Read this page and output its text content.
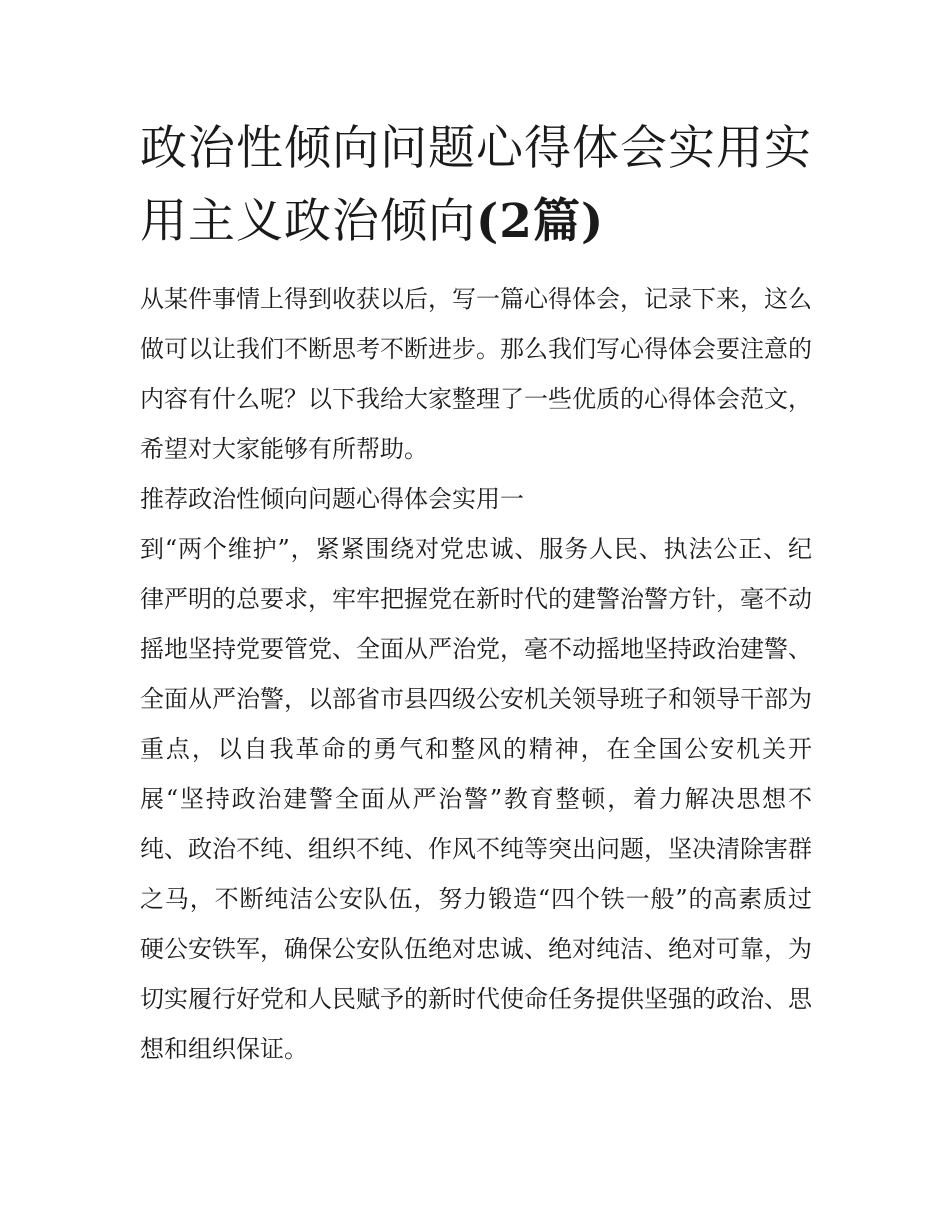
政治性倾向问题心得体会实用实用主义政治倾向(2篇)

从某件事情上得到收获以后，写一篇心得体会，记录下来，这么做可以让我们不断思考不断进步。那么我们写心得体会要注意的内容有什么呢？以下我给大家整理了一些优质的心得体会范文，希望对大家能够有所帮助。

推荐政治性倾向问题心得体会实用一

到“两个维护”，紧紧围绕对党忠诚、服务人民、执法公正、纪律严明的总要求，牢牢把握党在新时代的建警治警方针，毫不动摇地坚持党要管党、全面从严治党，毫不动摇地坚持政治建警、全面从严治警，以部省市县四级公安机关领导班子和领导干部为重点，以自我革命的勇气和整风的精神，在全国公安机关开展“坚持政治建警全面从严治警”教育整顿，着力解决思想不纯、政治不纯、组织不纯、作风不纯等突出问题，坚决清除害群之马，不断纯洁公安队伍，努力锻造“四个铁一般”的高素质过硬公安铁军，确保公安队伍绝对忠诚、绝对纯洁、绝对可靠，为切实履行好党和人民赋予的新时代使命任务提供坚强的政治、思想和组织保证。
